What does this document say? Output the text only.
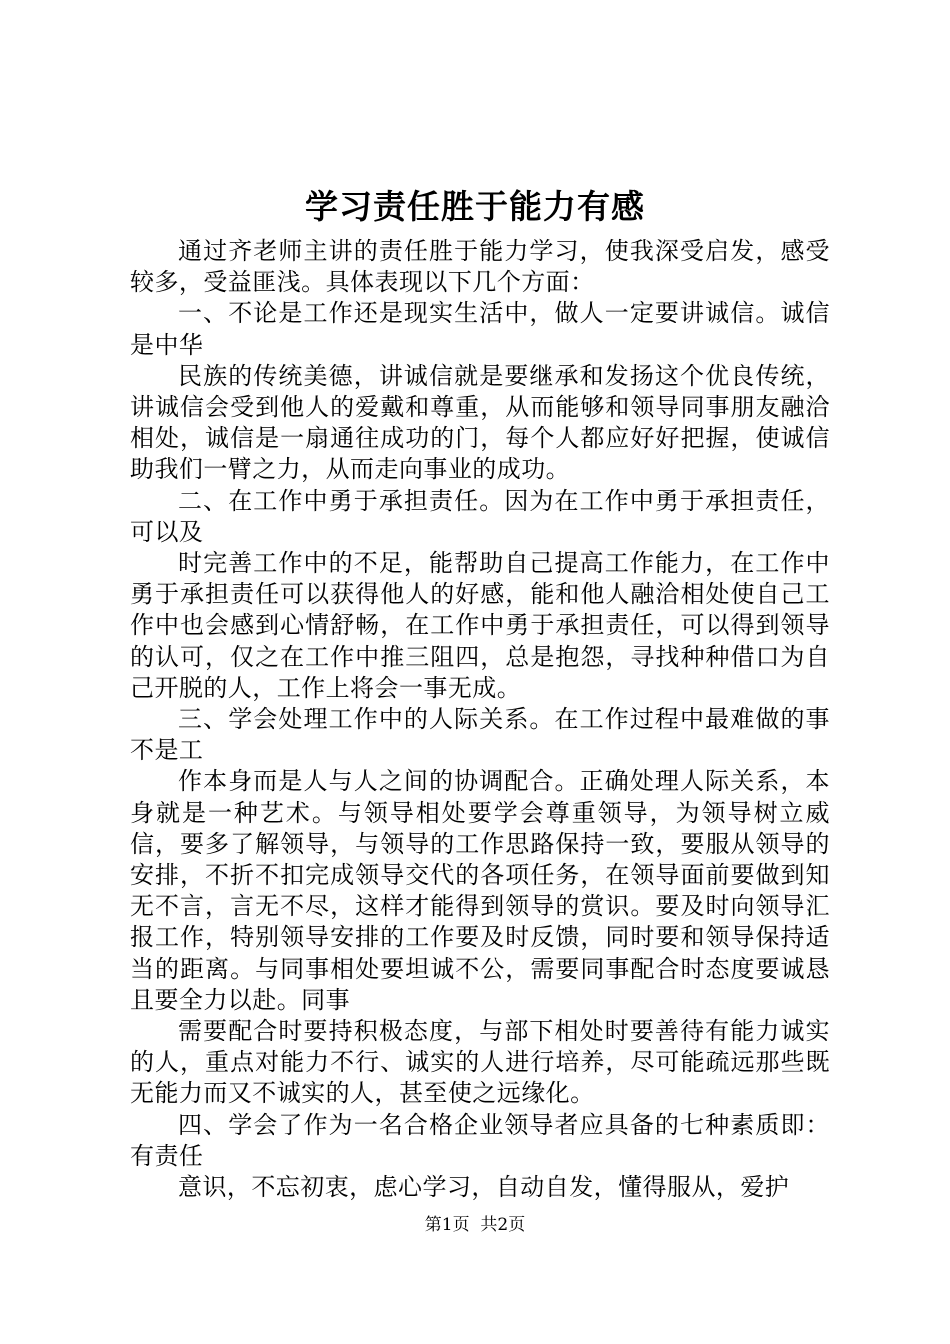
学习责任胜于能力有感

通过齐老师主讲的责任胜于能力学习，使我深受启发，感受较多，受益匪浅。具体表现以下几个方面：

一、不论是工作还是现实生活中，做人一定要讲诚信。诚信是中华

民族的传统美德，讲诚信就是要继承和发扬这个优良传统，讲诚信会受到他人的爱戴和尊重，从而能够和领导同事朋友融洽相处，诚信是一扇通往成功的门，每个人都应好好把握，使诚信助我们一臂之力，从而走向事业的成功。

二、在工作中勇于承担责任。因为在工作中勇于承担责任，可以及

时完善工作中的不足，能帮助自己提高工作能力，在工作中勇于承担责任可以获得他人的好感，能和他人融洽相处使自己工作中也会感到心情舒畅，在工作中勇于承担责任，可以得到领导的认可，仅之在工作中推三阻四，总是抱怨，寻找种种借口为自己开脱的人，工作上将会一事无成。

三、学会处理工作中的人际关系。在工作过程中最难做的事不是工

作本身而是人与人之间的协调配合。正确处理人际关系，本身就是一种艺术。与领导相处要学会尊重领导，为领导树立威信，要多了解领导，与领导的工作思路保持一致，要服从领导的安排，不折不扣完成领导交代的各项任务，在领导面前要做到知无不言，言无不尽，这样才能得到领导的赏识。要及时向领导汇报工作，特别领导安排的工作要及时反馈，同时要和领导保持适当的距离。与同事相处要坦诚不公，需要同事配合时态度要诚恳且要全力以赴。同事

需要配合时要持积极态度，与部下相处时要善待有能力诚实的人，重点对能力不行、诚实的人进行培养，尽可能疏远那些既无能力而又不诚实的人，甚至使之远缘化。

四、学会了作为一名合格企业领导者应具备的七种素质即：有责任

意识，不忘初衷，虑心学习，自动自发，懂得服从，爱护

第1页  共2页
